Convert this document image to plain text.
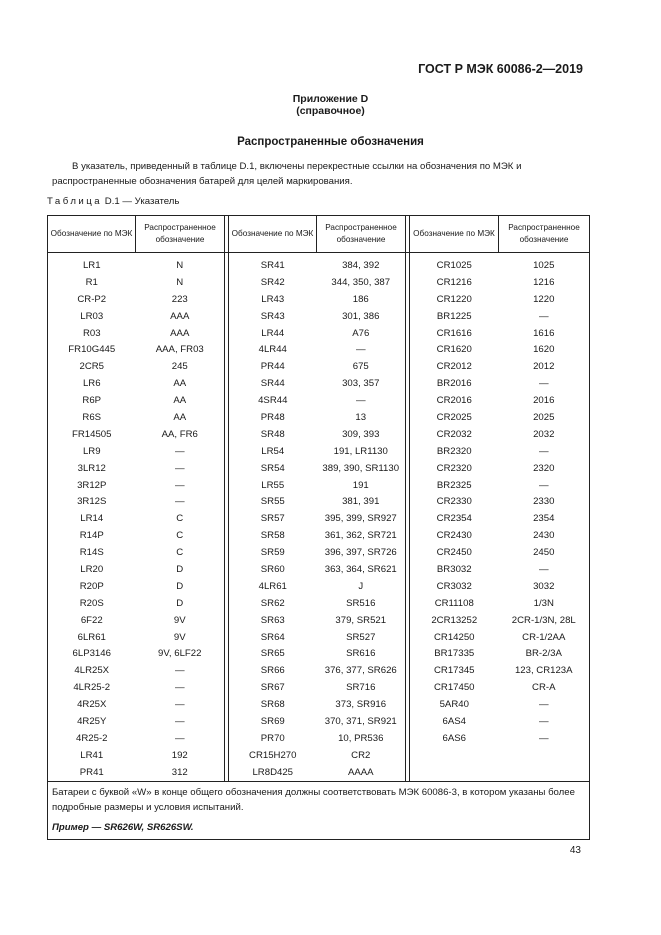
ГОСТ Р МЭК 60086-2—2019
Приложение D
(справочное)
Распространенные обозначения
В указатель, приведенный в таблице D.1, включены перекрестные ссылки на обозначения по МЭК и распространенные обозначения батарей для целей маркирования.
Таблица D.1 — Указатель
Обозначение по МЭК	Распространенное обозначение		Обозначение по МЭК	Распространенное обозначение		Обозначение по МЭК	Распространенное обозначение
LR1	N		SR41	384, 392		CR1025	1025
R1	N		SR42	344, 350, 387		CR1216	1216
CR-P2	223		LR43	186		CR1220	1220
LR03	AAA		SR43	301, 386		BR1225	—
R03	AAA		LR44	A76		CR1616	1616
FR10G445	AAA, FR03		4LR44	—		CR1620	1620
2CR5	245		PR44	675		CR2012	2012
LR6	AA		SR44	303, 357		BR2016	—
R6P	AA		4SR44	—		CR2016	2016
R6S	AA		PR48	13		CR2025	2025
FR14505	AA, FR6		SR48	309, 393		CR2032	2032
LR9	—		LR54	191, LR1130		BR2320	—
3LR12	—		SR54	389, 390, SR1130		CR2320	2320
3R12P	—		LR55	191		BR2325	—
3R12S	—		SR55	381, 391		CR2330	2330
LR14	C		SR57	395, 399, SR927		CR2354	2354
R14P	C		SR58	361, 362, SR721		CR2430	2430
R14S	C		SR59	396, 397, SR726		CR2450	2450
LR20	D		SR60	363, 364, SR621		BR3032	—
R20P	D		4LR61	J		CR3032	3032
R20S	D		SR62	SR516		CR11108	1/3N
6F22	9V		SR63	379, SR521		2CR13252	2CR-1/3N, 28L
6LR61	9V		SR64	SR527		CR14250	CR-1/2AA
6LP3146	9V, 6LF22		SR65	SR616		BR17335	BR-2/3A
4LR25X	—		SR66	376, 377, SR626		CR17345	123, CR123A
4LR25-2	—		SR67	SR716		CR17450	CR-A
4R25X	—		SR68	373, SR916		5AR40	—
4R25Y	—		SR69	370, 371, SR921		6AS4	—
4R25-2	—		PR70	10, PR536		6AS6	—
LR41	192		CR15H270	CR2			
PR41	312		LR8D425	AAAA			

Батареи с буквой «W» в конце общего обозначения должны соответствовать МЭК 60086-3, в котором указаны более подробные размеры и условия испытаний.
Пример — SR626W, SR626SW.							
43
